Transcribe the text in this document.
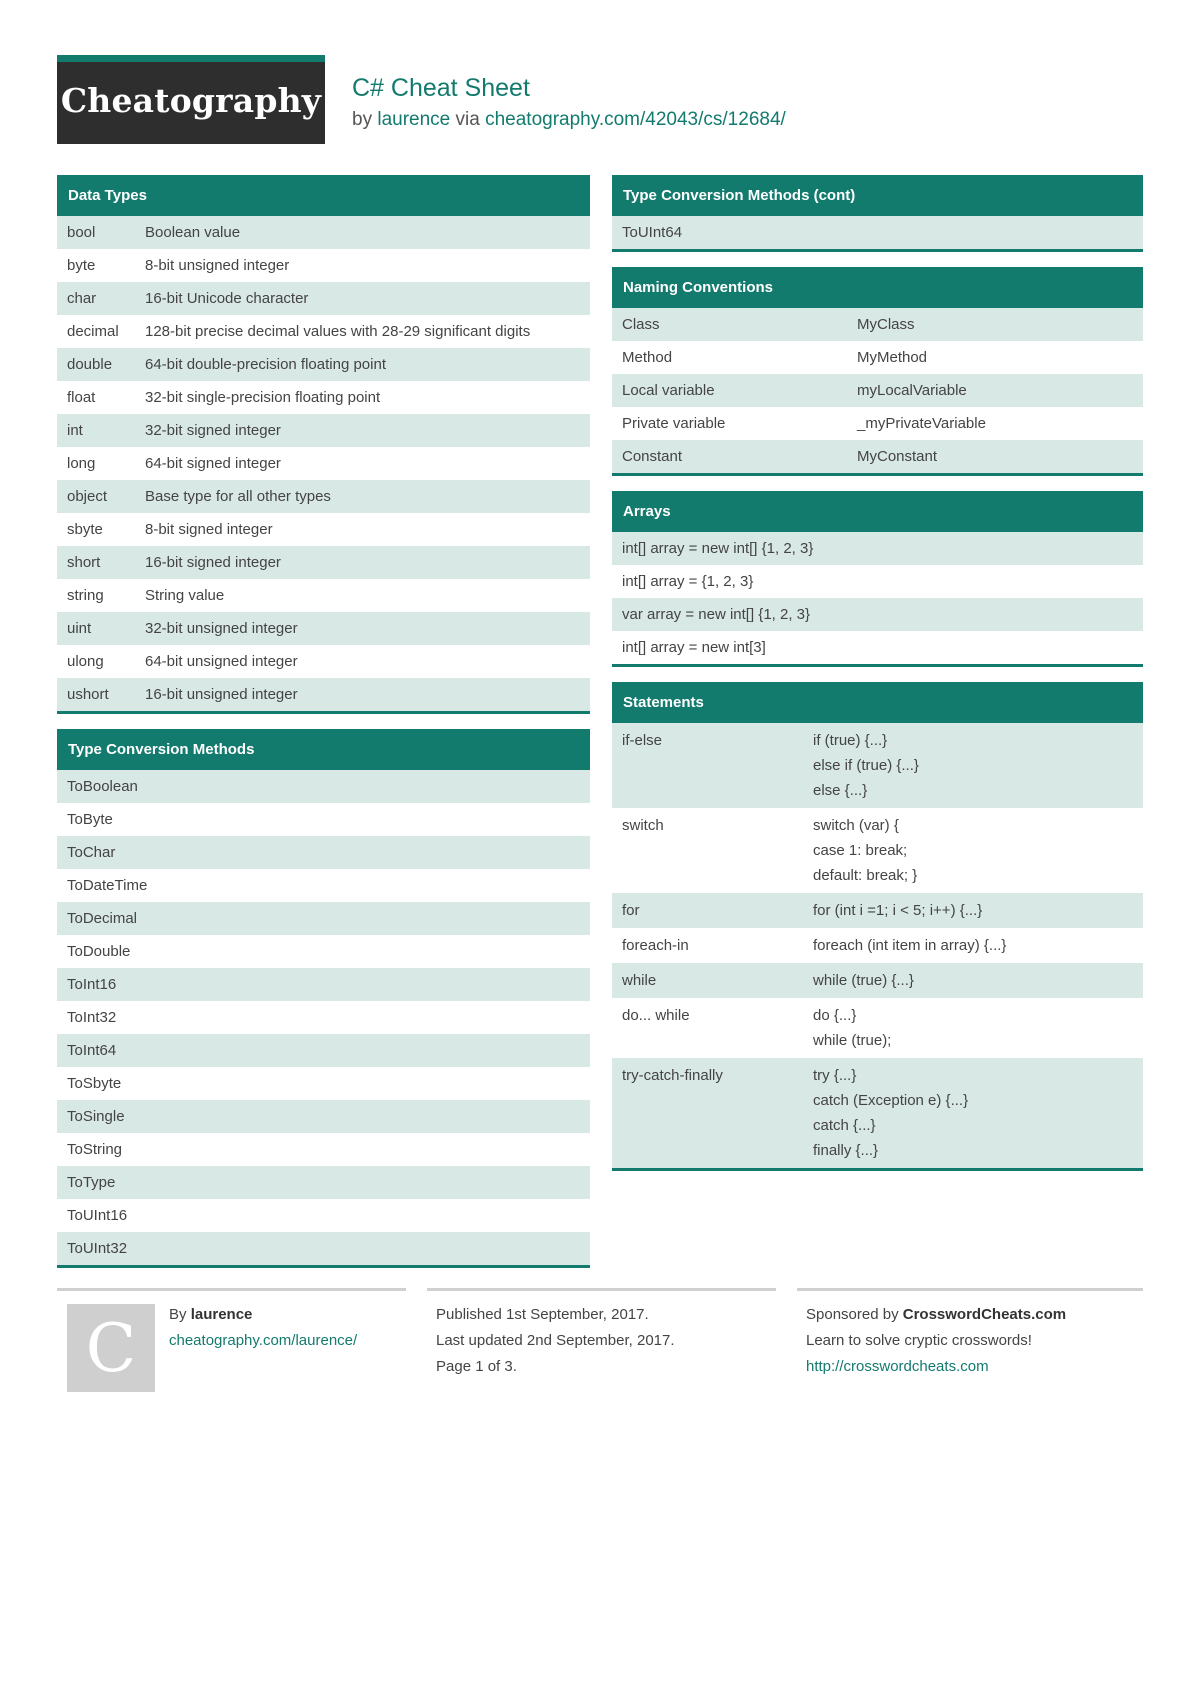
Cheatography C# Cheat Sheet
by laurence via cheatography.com/42043/cs/12684/
Data Types
bool	Boolean value
byte	8-bit unsigned integer
char	16-bit Unicode character
decimal	128-bit precise decimal values with 28-29 significant digits
double	64-bit double-precision floating point
float	32-bit single-precision floating point
int	32-bit signed integer
long	64-bit signed integer
object	Base type for all other types
sbyte	8-bit signed integer
short	16-bit signed integer
string	String value
uint	32-bit unsigned integer
ulong	64-bit unsigned integer
ushort	16-bit unsigned integer
Type Conversion Methods
ToBoolean
ToByte
ToChar
ToDateTime
ToDecimal
ToDouble
ToInt16
ToInt32
ToInt64
ToSbyte
ToSingle
ToString
ToType
ToUInt16
ToUInt32
Type Conversion Methods (cont)
ToUInt64
Naming Conventions
Class	MyClass
Method	MyMethod
Local variable	myLocalVariable
Private variable	_myPrivateVariable
Constant	MyConstant
Arrays
int[] array = new int[] {1, 2, 3}
int[] array = {1, 2, 3}
var array = new int[] {1, 2, 3}
int[] array = new int[3]
Statements
if-else	if (true) {...}
else if (true) {...}
else {...}
switch	switch (var) {
case 1: break;
default: break; }
for	for (int i =1; i < 5; i++) {...}
foreach-in	foreach (int item in array) {...}
while	while (true) {...}
do... while	do {...}
while (true);
try-catch-finally	try {...}
catch (Exception e) {...}
catch {...}
finally {...}
C	By laurence
cheatography.com/laurence/
Published 1st September, 2017.
Last updated 2nd September, 2017.
Page 1 of 3.
Sponsored by CrosswordCheats.com
Learn to solve cryptic crosswords!
http://crosswordcheats.com
